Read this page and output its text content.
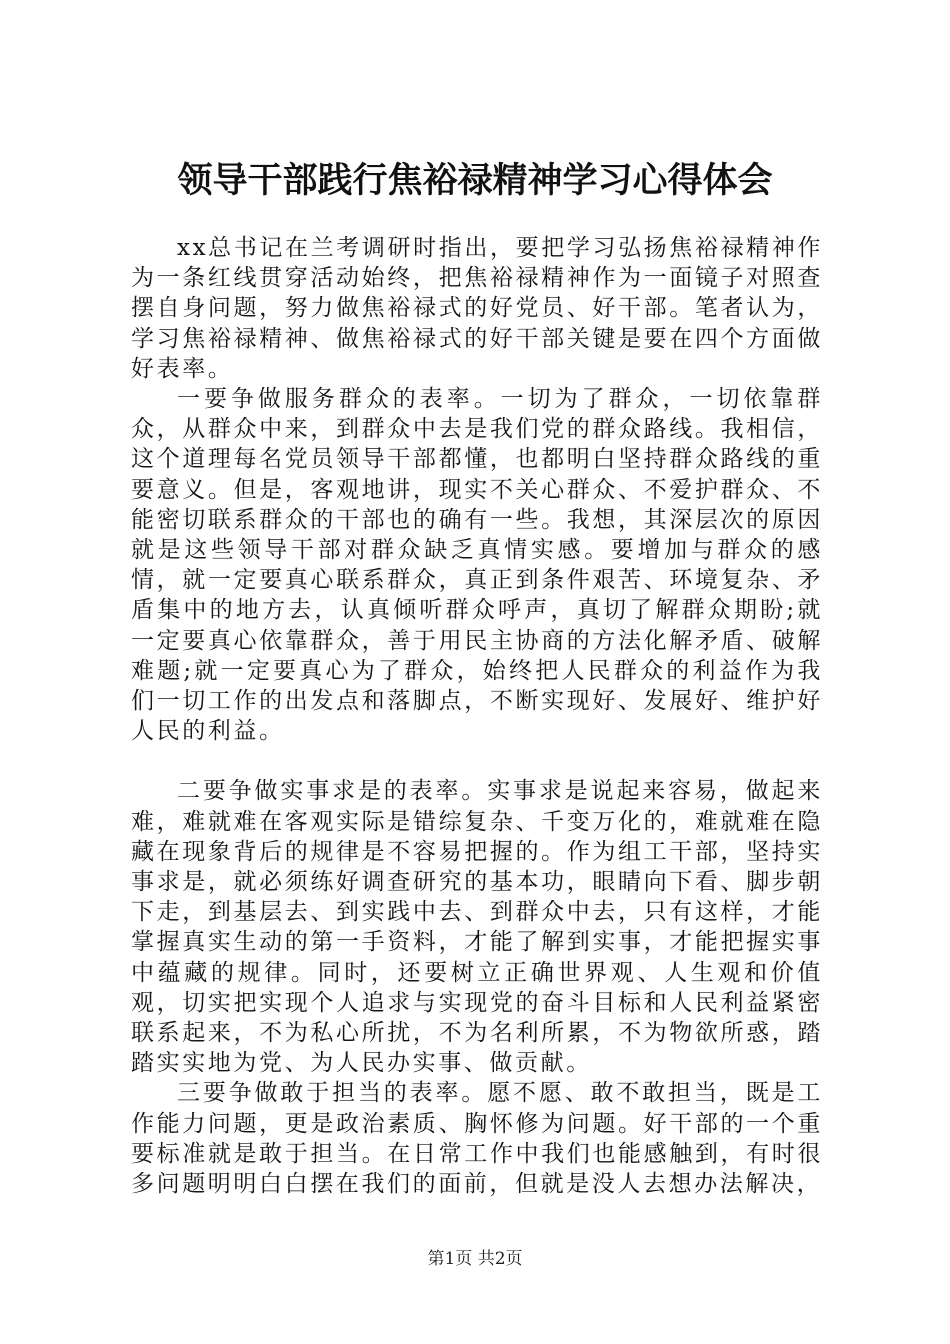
领导干部践行焦裕禄精神学习心得体会

xx总书记在兰考调研时指出，要把学习弘扬焦裕禄精神作为一条红线贯穿活动始终，把焦裕禄精神作为一面镜子对照查摆自身问题，努力做焦裕禄式的好党员、好干部。笔者认为，学习焦裕禄精神、做焦裕禄式的好干部关键是要在四个方面做好表率。

一要争做服务群众的表率。一切为了群众，一切依靠群众，从群众中来，到群众中去是我们党的群众路线。我相信，这个道理每名党员领导干部都懂，也都明白坚持群众路线的重要意义。但是，客观地讲，现实不关心群众、不爱护群众、不能密切联系群众的干部也的确有一些。我想，其深层次的原因就是这些领导干部对群众缺乏真情实感。要增加与群众的感情，就一定要真心联系群众，真正到条件艰苦、环境复杂、矛盾集中的地方去，认真倾听群众呼声，真切了解群众期盼;就一定要真心依靠群众，善于用民主协商的方法化解矛盾、破解难题;就一定要真心为了群众，始终把人民群众的利益作为我们一切工作的出发点和落脚点，不断实现好、发展好、维护好人民的利益。

二要争做实事求是的表率。实事求是说起来容易，做起来难，难就难在客观实际是错综复杂、千变万化的，难就难在隐藏在现象背后的规律是不容易把握的。作为组工干部，坚持实事求是，就必须练好调查研究的基本功，眼睛向下看、脚步朝下走，到基层去、到实践中去、到群众中去，只有这样，才能掌握真实生动的第一手资料，才能了解到实事，才能把握实事中蕴藏的规律。同时，还要树立正确世界观、人生观和价值观，切实把实现个人追求与实现党的奋斗目标和人民利益紧密联系起来，不为私心所扰，不为名利所累，不为物欲所惑，踏踏实实地为党、为人民办实事、做贡献。

三要争做敢于担当的表率。愿不愿、敢不敢担当，既是工作能力问题，更是政治素质、胸怀修为问题。好干部的一个重要标准就是敢于担当。在日常工作中我们也能感触到，有时很多问题明明白白摆在我们的面前，但就是没人去想办法解决，

第1页 共2页
